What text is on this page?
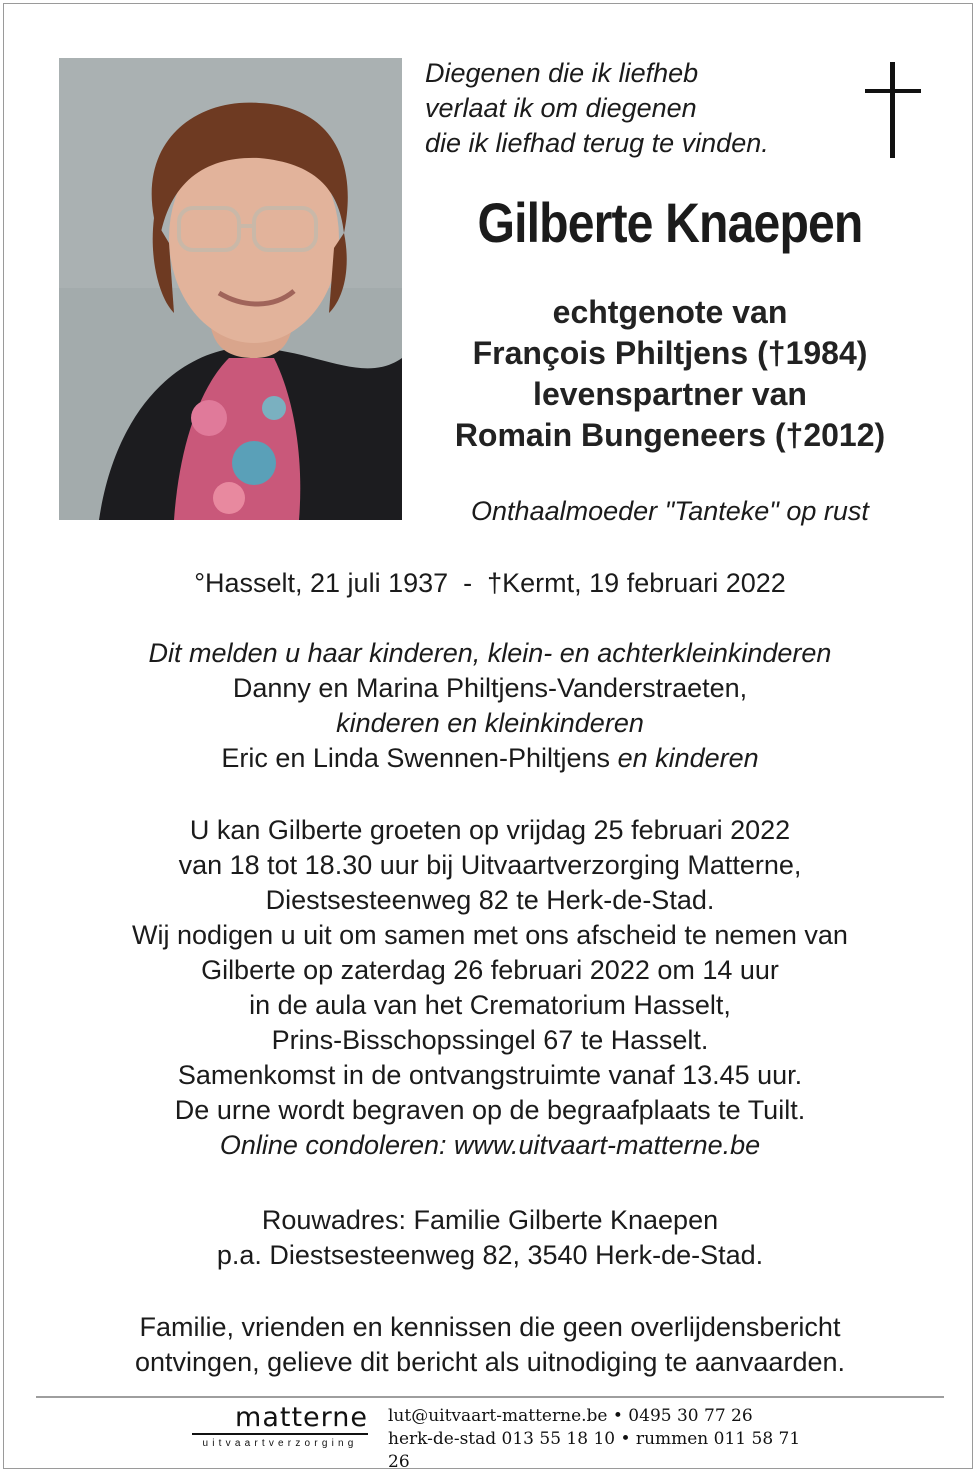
Diegenen die ik liefheb
verlaat ik om diegenen
die ik liefhad terug te vinden.
Gilberte Knaepen
echtgenote van
François Philtjens (†1984)
levenspartner van
Romain Bungeneers (†2012)
Onthaalmoeder "Tanteke" op rust
°Hasselt, 21 juli 1937  -  †Kermt, 19 februari 2022
Dit melden u haar kinderen, klein- en achterkleinkinderen
Danny en Marina Philtjens-Vanderstraeten,
kinderen en kleinkinderen
Eric en Linda Swennen-Philtjens en kinderen
U kan Gilberte groeten op vrijdag 25 februari 2022
van 18 tot 18.30 uur bij Uitvaartverzorging Matterne,
Diestsesteenweg 82 te Herk-de-Stad.
Wij nodigen u uit om samen met ons afscheid te nemen van
Gilberte op zaterdag 26 februari 2022 om 14 uur
in de aula van het Crematorium Hasselt,
Prins-Bisschopssingel 67 te Hasselt.
Samenkomst in de ontvangstruimte vanaf 13.45 uur.
De urne wordt begraven op de begraafplaats te Tuilt.
Online condoleren: www.uitvaart-matterne.be
Rouwadres: Familie Gilberte Knaepen
p.a. Diestsesteenweg 82, 3540 Herk-de-Stad.
Familie, vrienden en kennissen die geen overlijdensbericht
ontvingen, gelieve dit bericht als uitnodiging te aanvaarden.
matterne
uitvaartverzorging
lut@uitvaart-matterne.be • 0495 30 77 26
herk-de-stad 013 55 18 10 • rummen 011 58 71 26
